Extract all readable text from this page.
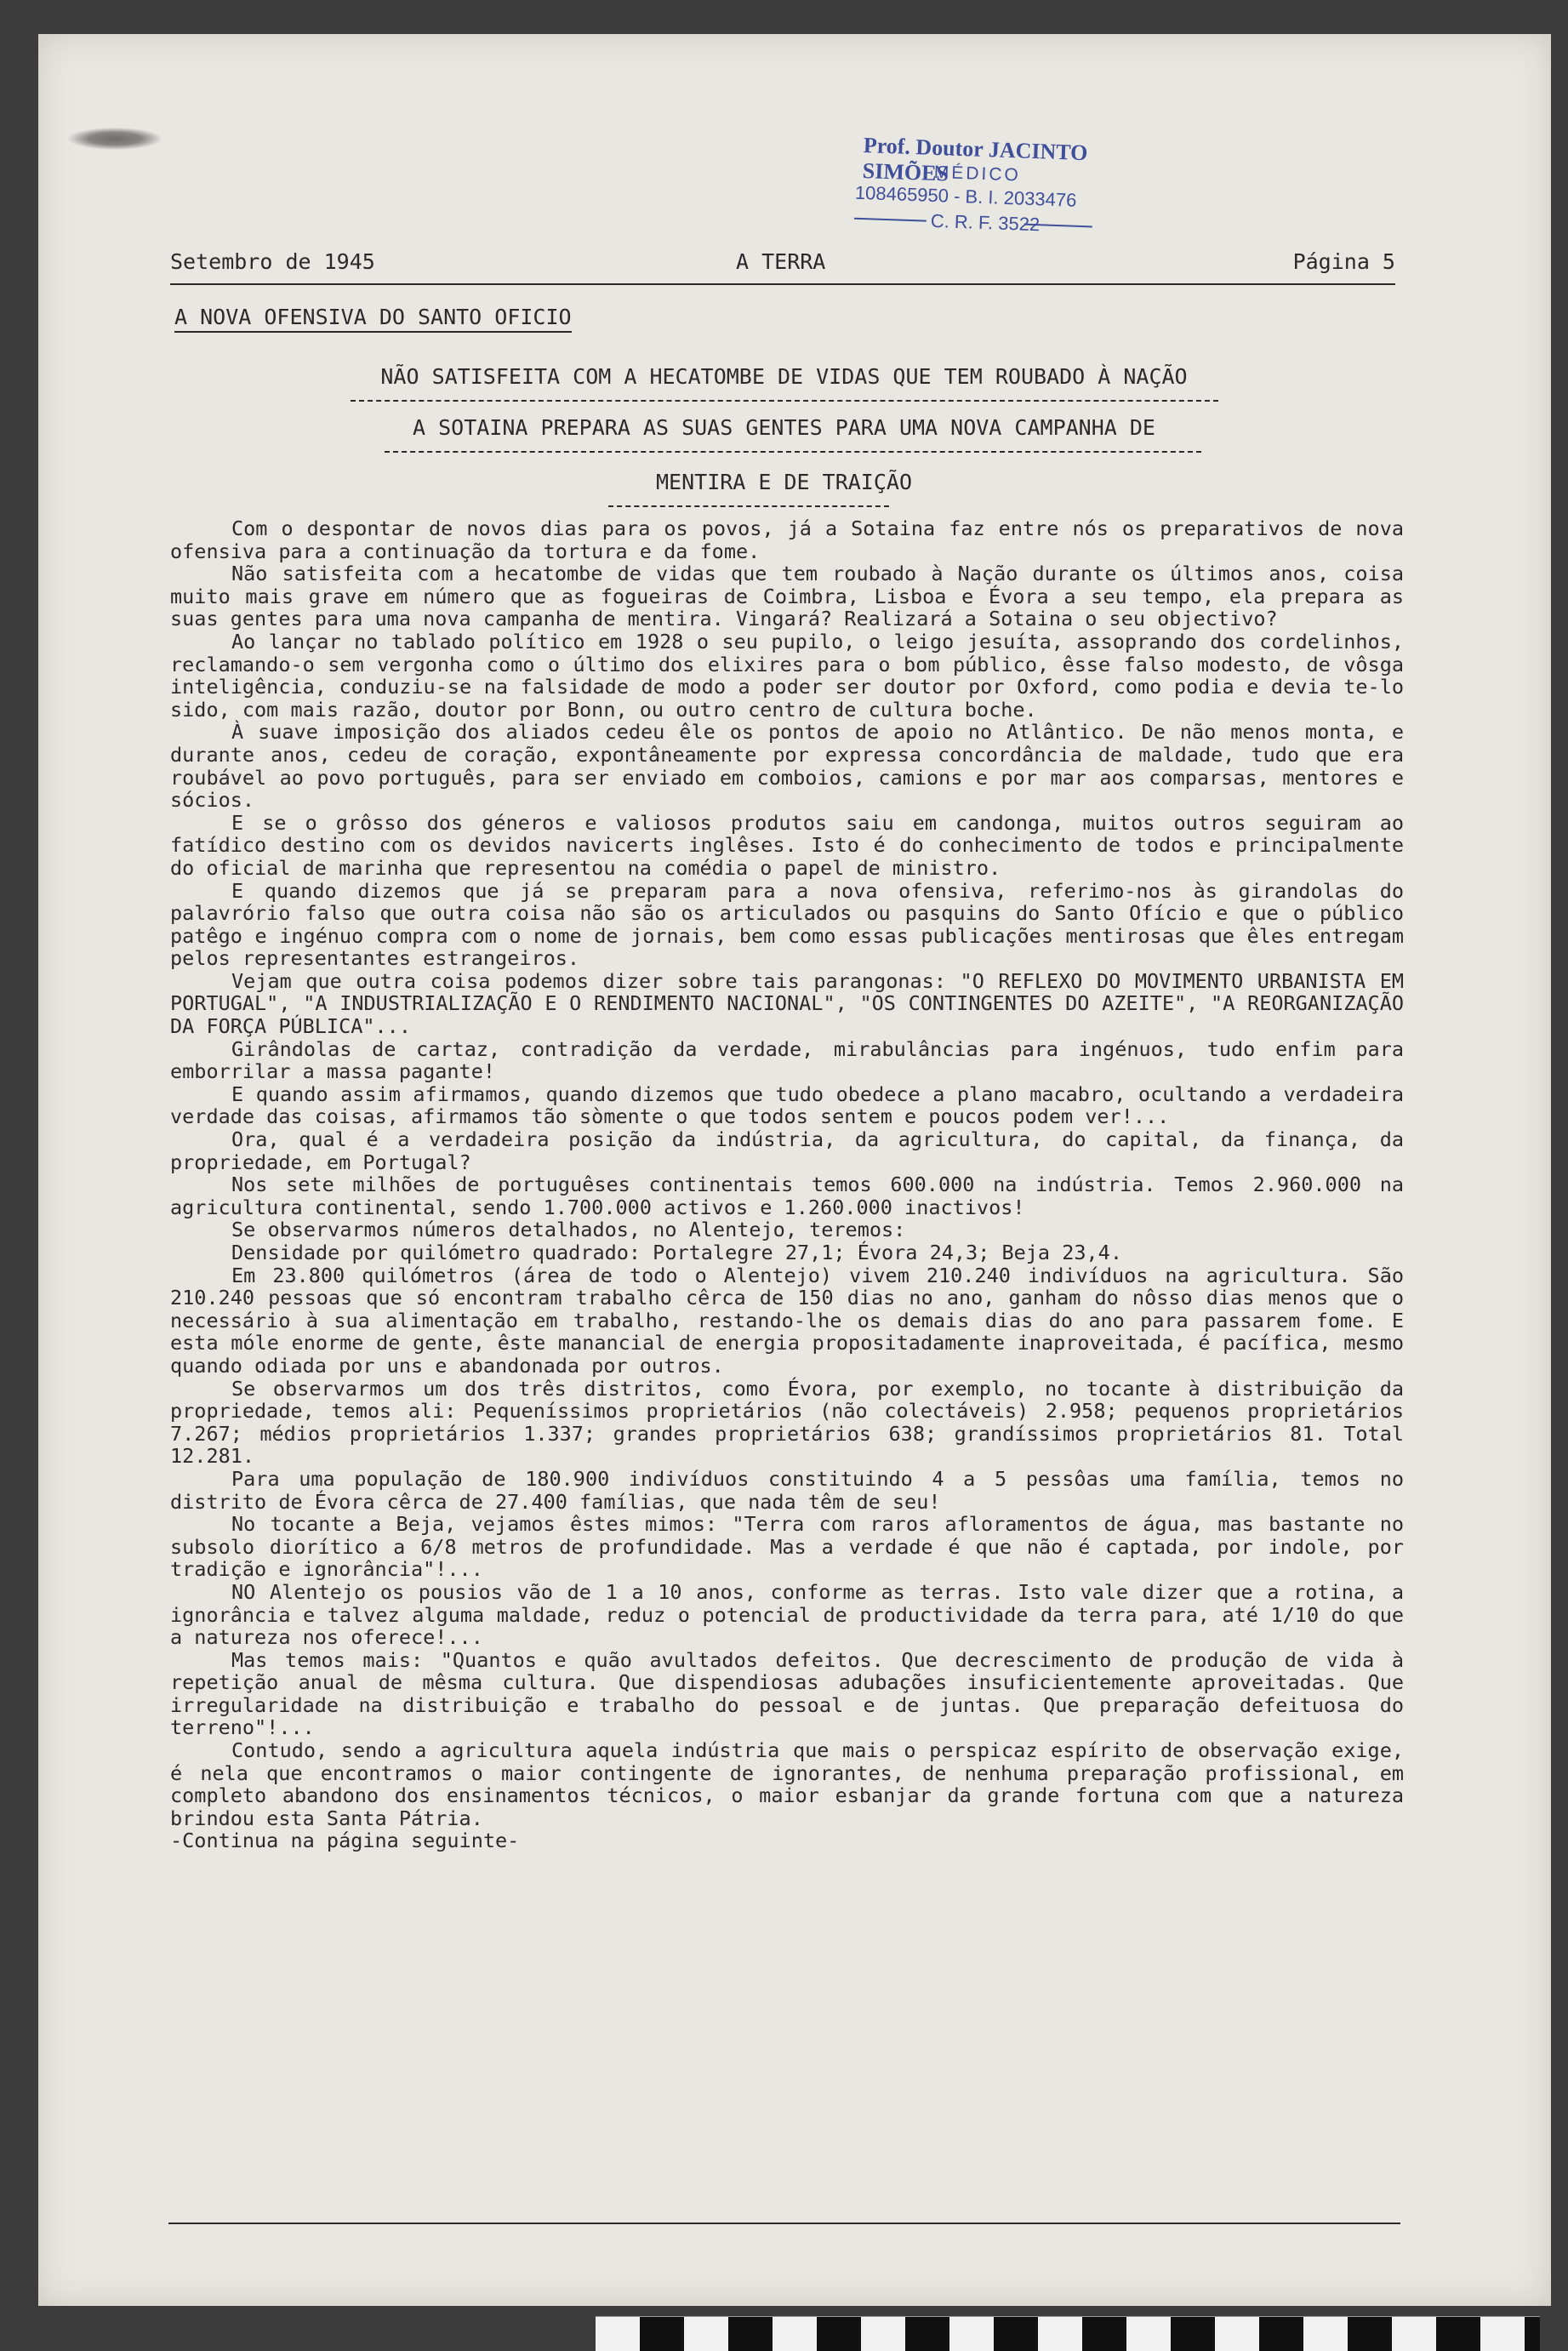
Prof. Doutor JACINTO SIMÕES
MÉDICO
108465950 - B. I. 2033476
C. R. F. 3522
Setembro de 1945	A TERRA	Página 5
A NOVA OFENSIVA DO SANTO OFICIO
NÃO SATISFEITA COM A HECATOMBE DE VIDAS QUE TEM ROUBADO À NAÇÃO
A SOTAINA PREPARA AS SUAS GENTES PARA UMA NOVA CAMPANHA DE
MENTIRA E DE TRAIÇÃO

Com o despontar de novos dias para os povos, já a Sotaina faz entre nós os preparativos de nova ofensiva para a continuação da tortura e da fome.

Não satisfeita com a hecatombe de vidas que tem roubado à Nação durante os últimos anos, coisa muito mais grave em número que as fogueiras de Coimbra, Lisboa e Évora a seu tempo, ela prepara as suas gentes para uma nova campanha de mentira. Vingará? Realizará a Sotaina o seu objectivo?

Ao lançar no tablado político em 1928 o seu pupilo, o leigo jesuíta, assoprando dos cordelinhos, reclamando-o sem vergonha como o último dos elixires para o bom público, êsse falso modesto, de vôsga inteligência, conduziu-se na falsidade de modo a poder ser doutor por Oxford, como podia e devia te-lo sido, com mais razão, doutor por Bonn, ou outro centro de cultura boche.

À suave imposição dos aliados cedeu êle os pontos de apoio no Atlântico. De não menos monta, e durante anos, cedeu de coração, expontâneamente por expressa concordância de maldade, tudo que era roubável ao povo português, para ser enviado em comboios, camions e por mar aos comparsas, mentores e sócios.

E se o grôsso dos géneros e valiosos produtos saiu em candonga, muitos outros seguiram ao fatídico destino com os devidos navicerts inglêses. Isto é do conhecimento de todos e principalmente do oficial de marinha que representou na comédia o papel de ministro.

E quando dizemos que já se preparam para a nova ofensiva, referimo-nos às girandolas do palavrório falso que outra coisa não são os articulados ou pasquins do Santo Ofício e que o público patêgo e ingénuo compra com o nome de jornais, bem como essas publicações mentirosas que êles entregam pelos representantes estrangeiros.

Vejam que outra coisa podemos dizer sobre tais parangonas: "O REFLEXO DO MOVIMENTO URBANISTA EM PORTUGAL", "A INDUSTRIALIZAÇÃO E O RENDIMENTO NACIONAL", "OS CONTINGENTES DO AZEITE", "A REORGANIZAÇÃO DA FORÇA PÚBLICA"...

Girândolas de cartaz, contradição da verdade, mirabulâncias para ingénuos, tudo enfim para emborrilar a massa pagante!

E quando assim afirmamos, quando dizemos que tudo obedece a plano macabro, ocultando a verdadeira verdade das coisas, afirmamos tão sòmente o que todos sentem e poucos podem ver!...

Ora, qual é a verdadeira posição da indústria, da agricultura, do capital, da finança, da propriedade, em Portugal?

Nos sete milhões de portuguêses continentais temos 600.000 na indústria. Temos 2.960.000 na agricultura continental, sendo 1.700.000 activos e 1.260.000 inactivos!

Se observarmos números detalhados, no Alentejo, teremos:

Densidade por quilómetro quadrado: Portalegre 27,1; Évora 24,3; Beja 23,4.

Em 23.800 quilómetros (área de todo o Alentejo) vivem 210.240 indivíduos na agricultura. São 210.240 pessoas que só encontram trabalho cêrca de 150 dias no ano, ganham do nôsso dias menos que o necessário à sua alimentação em trabalho, restando-lhe os demais dias do ano para passarem fome. E esta móle enorme de gente, êste manancial de energia propositadamente inaproveitada, é pacífica, mesmo quando odiada por uns e abandonada por outros.

Se observarmos um dos três distritos, como Évora, por exemplo, no tocante à distribuição da propriedade, temos ali: Pequeníssimos proprietários (não colectáveis) 2.958; pequenos proprietários 7.267; médios proprietários 1.337; grandes proprietários 638; grandíssimos proprietários 81. Total 12.281.

Para uma população de 180.900 indivíduos constituindo 4 a 5 pessôas uma família, temos no distrito de Évora cêrca de 27.400 famílias, que nada têm de seu!

No tocante a Beja, vejamos êstes mimos: "Terra com raros afloramentos de água, mas bastante no subsolo diorítico a 6/8 metros de profundidade. Mas a verdade é que não é captada, por indole, por tradição e ignorância"!...

NO Alentejo os pousios vão de 1 a 10 anos, conforme as terras. Isto vale dizer que a rotina, a ignorância e talvez alguma maldade, reduz o potencial de productividade da terra para, até 1/10 do que a natureza nos oferece!...

Mas temos mais: "Quantos e quão avultados defeitos. Que decrescimento de produção de vida à repetição anual de mêsma cultura. Que dispendiosas adubações insuficientemente aproveitadas. Que irregularidade na distribuição e trabalho do pessoal e de juntas. Que preparação defeituosa do terreno"!...

Contudo, sendo a agricultura aquela indústria que mais o perspicaz espírito de observação exige, é nela que encontramos o maior contingente de ignorantes, de nenhuma preparação profissional, em completo abandono dos ensinamentos técnicos, o maior esbanjar da grande fortuna com que a natureza brindou esta Santa Pátria.

-Continua na página seguinte-
